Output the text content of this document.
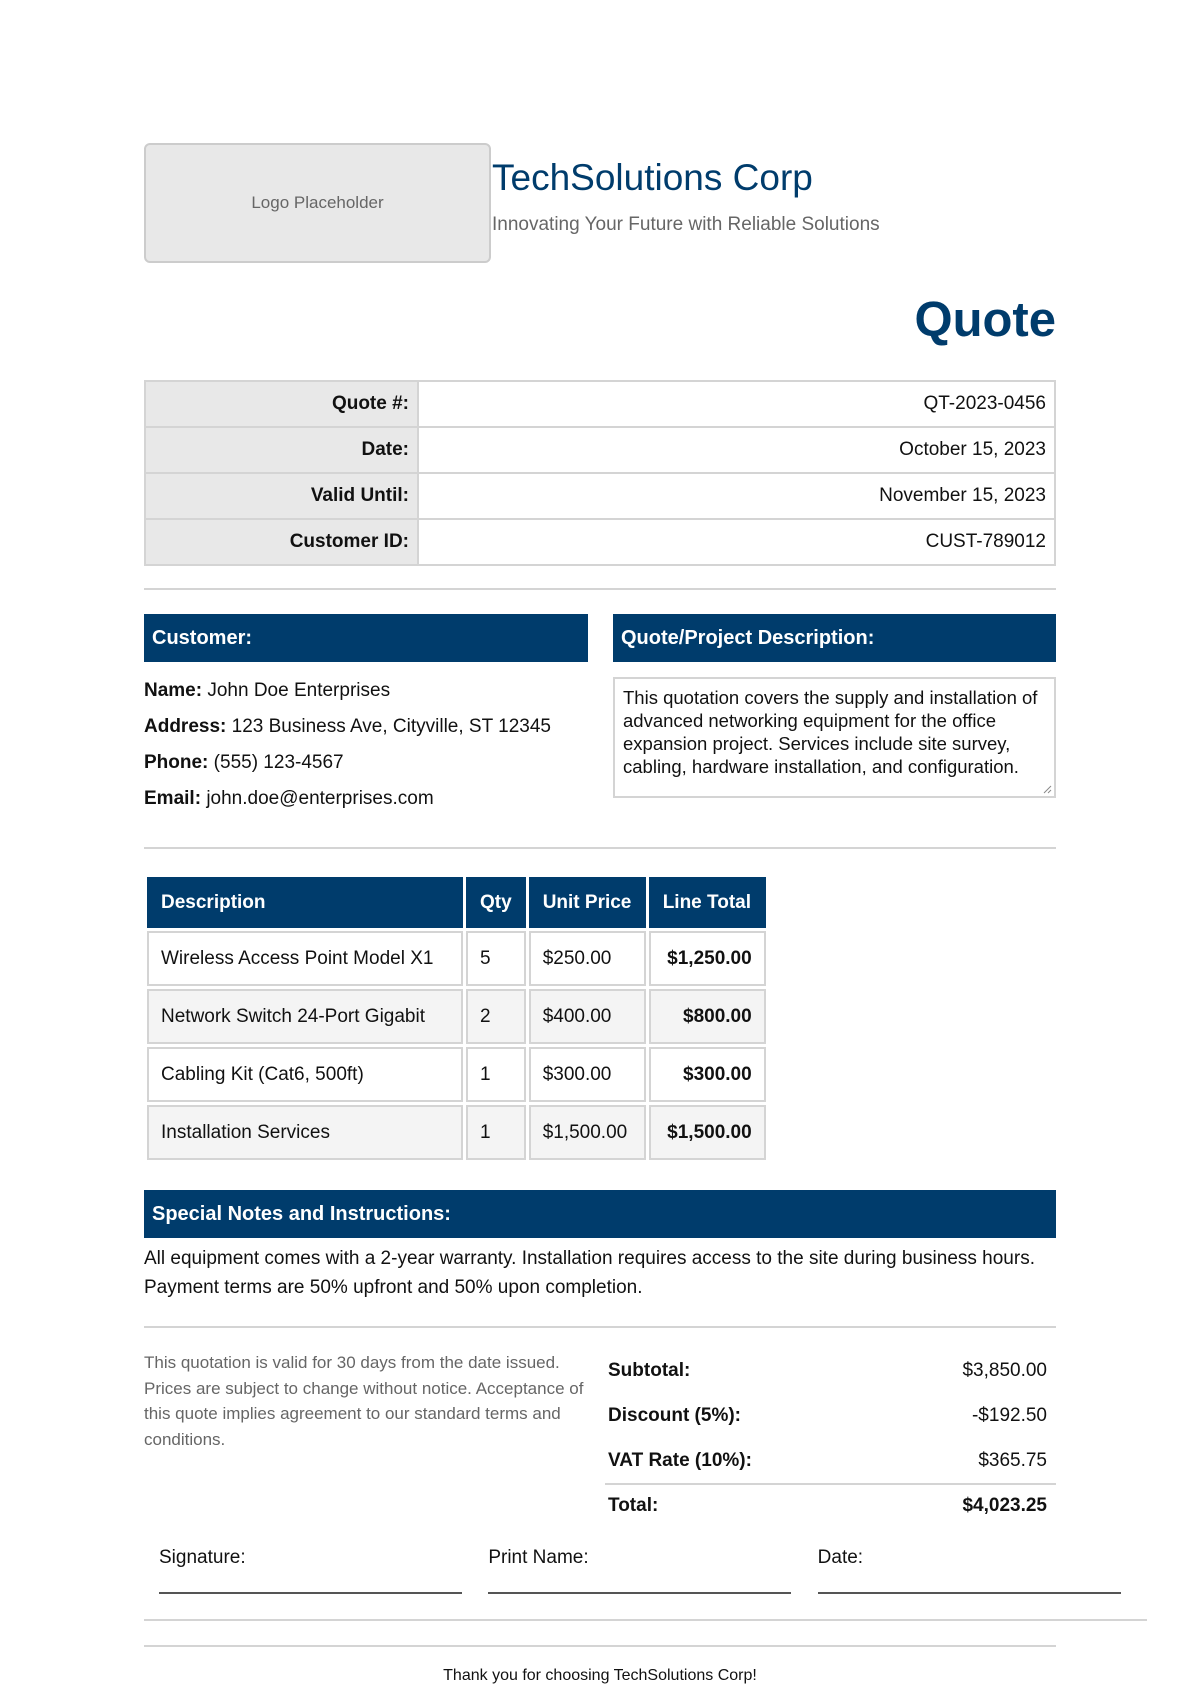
Logo Placeholder
TechSolutions Corp
Innovating Your Future with Reliable Solutions
Quote
Quote #:	QT-2023-0456
Date:	October 15, 2023
Valid Until:	November 15, 2023
Customer ID:	CUST-789012
Customer:	Quote/Project Description:
Name: John Doe Enterprises
Address: 123 Business Ave, Cityville, ST 12345
Phone: (555) 123-4567
Email: john.doe@enterprises.com
This quotation covers the supply and installation of advanced networking equipment for the office expansion project. Services include site survey, cabling, hardware installation, and configuration.
Description	Qty	Unit Price	Line Total
Wireless Access Point Model X1	5	$250.00	$1,250.00
Network Switch 24-Port Gigabit	2	$400.00	$800.00
Cabling Kit (Cat6, 500ft)	1	$300.00	$300.00
Installation Services	1	$1,500.00	$1,500.00
Special Notes and Instructions:
All equipment comes with a 2-year warranty. Installation requires access to the site during business hours. Payment terms are 50% upfront and 50% upon completion.
This quotation is valid for 30 days from the date issued. Prices are subject to change without notice. Acceptance of this quote implies agreement to our standard terms and conditions.
Subtotal:	$3,850.00
Discount (5%):	-$192.50
VAT Rate (10%):	$365.75
Total:	$4,023.25
Signature:	Print Name:	Date:
Thank you for choosing TechSolutions Corp!
